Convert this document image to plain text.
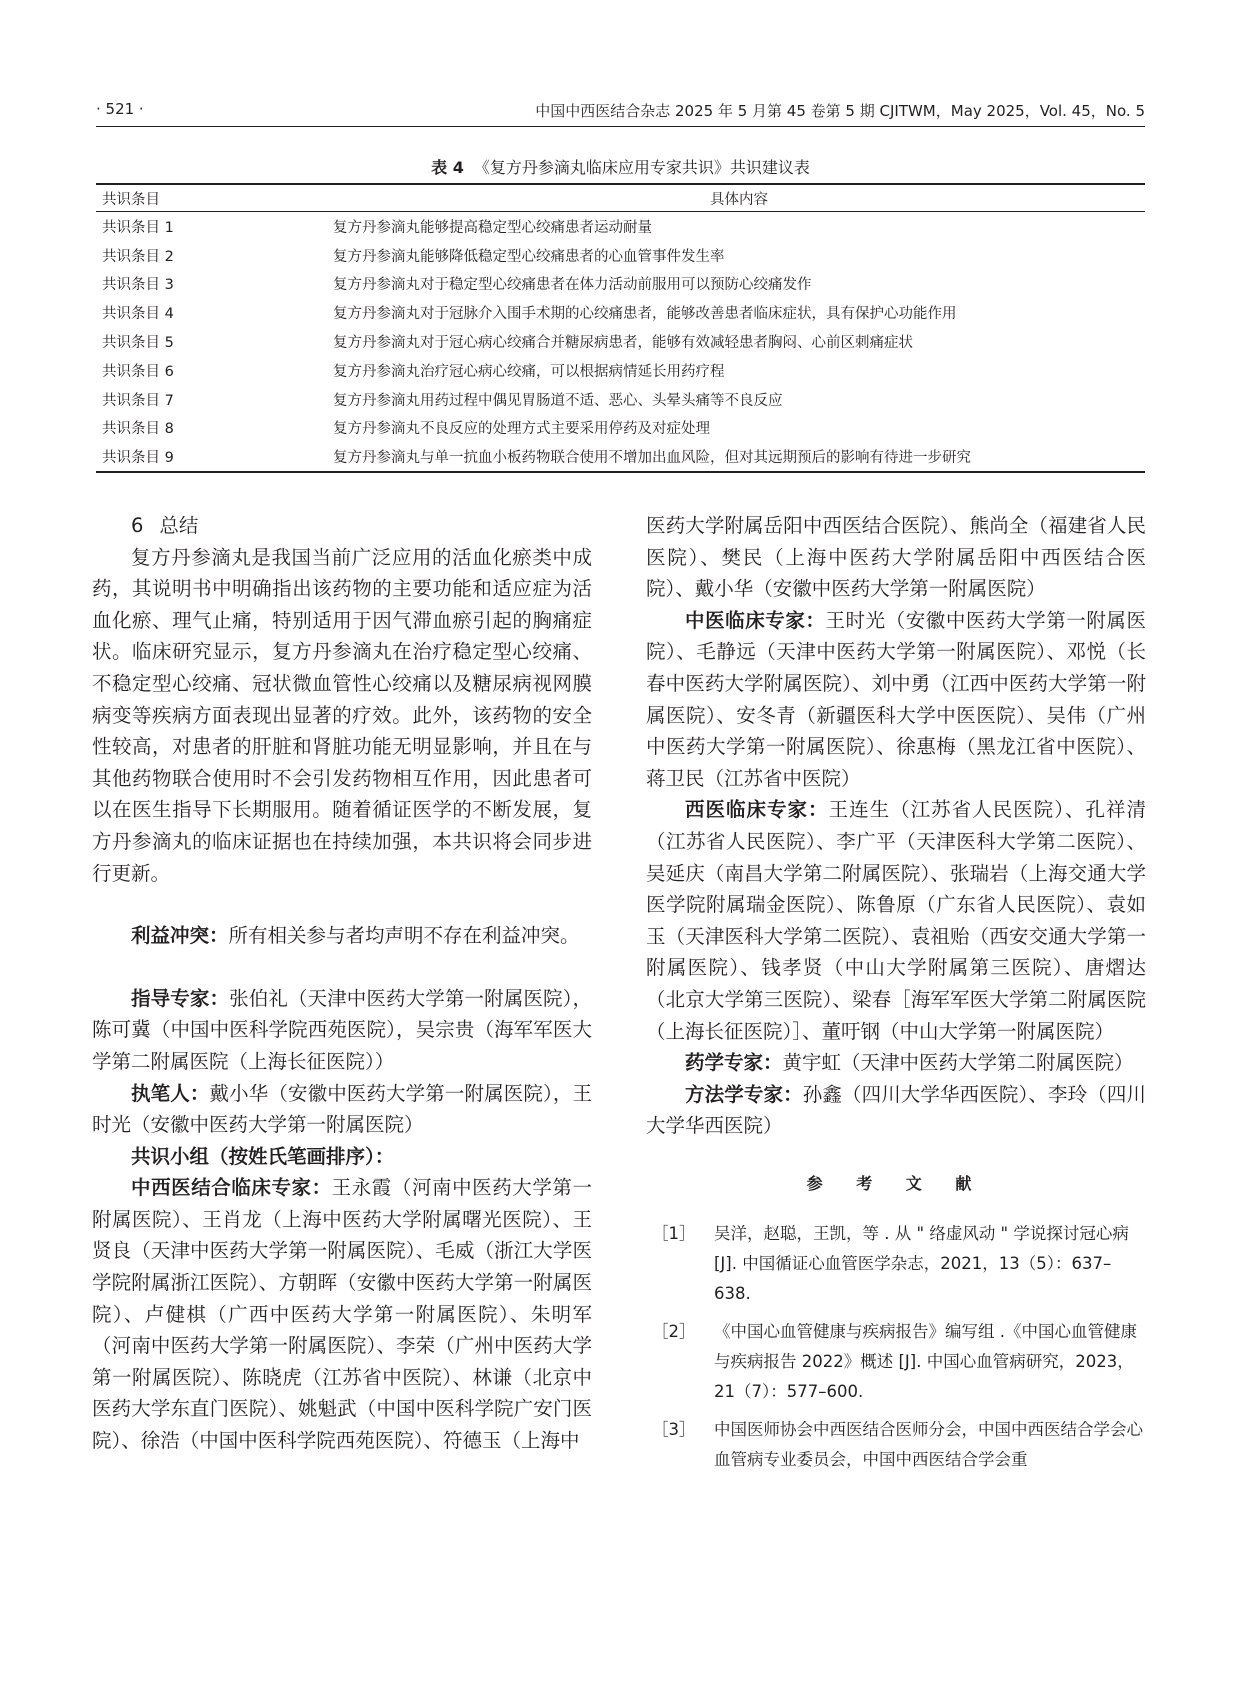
· 521 ·	中国中西医结合杂志 2025 年 5 月第 45 卷第 5 期 CJITWM，May 2025，Vol. 45，No. 5
表 4 《复方丹参滴丸临床应用专家共识》共识建议表
共识条目	具体内容
共识条目 1	复方丹参滴丸能够提高稳定型心绞痛患者运动耐量
共识条目 2	复方丹参滴丸能够降低稳定型心绞痛患者的心血管事件发生率
共识条目 3	复方丹参滴丸对于稳定型心绞痛患者在体力活动前服用可以预防心绞痛发作
共识条目 4	复方丹参滴丸对于冠脉介入围手术期的心绞痛患者，能够改善患者临床症状，具有保护心功能作用
共识条目 5	复方丹参滴丸对于冠心病心绞痛合并糖尿病患者，能够有效减轻患者胸闷、心前区刺痛症状
共识条目 6	复方丹参滴丸治疗冠心病心绞痛，可以根据病情延长用药疗程
共识条目 7	复方丹参滴丸用药过程中偶见胃肠道不适、恶心、头晕头痛等不良反应
共识条目 8	复方丹参滴丸不良反应的处理方式主要采用停药及对症处理
共识条目 9	复方丹参滴丸与单一抗血小板药物联合使用不增加出血风险，但对其远期预后的影响有待进一步研究

6 总结

复方丹参滴丸是我国当前广泛应用的活血化瘀类中成药，其说明书中明确指出该药物的主要功能和适应症为活血化瘀、理气止痛，特别适用于因气滞血瘀引起的胸痛症状。临床研究显示，复方丹参滴丸在治疗稳定型心绞痛、不稳定型心绞痛、冠状微血管性心绞痛以及糖尿病视网膜病变等疾病方面表现出显著的疗效。此外，该药物的安全性较高，对患者的肝脏和肾脏功能无明显影响，并且在与其他药物联合使用时不会引发药物相互作用，因此患者可以在医生指导下长期服用。随着循证医学的不断发展，复方丹参滴丸的临床证据也在持续加强，本共识将会同步进行更新。

利益冲突：所有相关参与者均声明不存在利益冲突。

指导专家：张伯礼（天津中医药大学第一附属医院），陈可冀（中国中医科学院西苑医院），吴宗贵（海军军医大学第二附属医院（上海长征医院））

执笔人：戴小华（安徽中医药大学第一附属医院），王时光（安徽中医药大学第一附属医院）

共识小组（按姓氏笔画排序）：

中西医结合临床专家：王永霞（河南中医药大学第一附属医院）、王肖龙（上海中医药大学附属曙光医院）、王贤良（天津中医药大学第一附属医院）、毛威（浙江大学医学院附属浙江医院）、方朝晖（安徽中医药大学第一附属医院）、卢健棋（广西中医药大学第一附属医院）、朱明军（河南中医药大学第一附属医院）、李荣（广州中医药大学第一附属医院）、陈晓虎（江苏省中医院）、林谦（北京中医药大学东直门医院）、姚魁武（中国中医科学院广安门医院）、徐浩（中国中医科学院西苑医院）、符德玉（上海中

医药大学附属岳阳中西医结合医院）、熊尚全（福建省人民医院）、樊民（上海中医药大学附属岳阳中西医结合医院）、戴小华（安徽中医药大学第一附属医院）

中医临床专家：王时光（安徽中医药大学第一附属医院）、毛静远（天津中医药大学第一附属医院）、邓悦（长春中医药大学附属医院）、刘中勇（江西中医药大学第一附属医院）、安冬青（新疆医科大学中医医院）、吴伟（广州中医药大学第一附属医院）、徐惠梅（黑龙江省中医院）、蒋卫民（江苏省中医院）

西医临床专家：王连生（江苏省人民医院）、孔祥清（江苏省人民医院）、李广平（天津医科大学第二医院）、吴延庆（南昌大学第二附属医院）、张瑞岩（上海交通大学医学院附属瑞金医院）、陈鲁原（广东省人民医院）、袁如玉（天津医科大学第二医院）、袁祖贻（西安交通大学第一附属医院）、钱孝贤（中山大学附属第三医院）、唐熠达（北京大学第三医院）、梁春［海军军医大学第二附属医院（上海长征医院）］、董吁钢（中山大学第一附属医院）

药学专家：黄宇虹（天津中医药大学第二附属医院）

方法学专家：孙鑫（四川大学华西医院）、李玲（四川大学华西医院）

参 考 文 献
［1］ 吴洋，赵聪，王凯，等 . 从 " 络虚风动 " 学说探讨冠心病 [J]. 中国循证心血管医学杂志，2021，13（5）：637–638.
［2］ 《中国心血管健康与疾病报告》编写组 .《中国心血管健康与疾病报告 2022》概述 [J]. 中国心血管病研究，2023，21（7）：577–600.
［3］ 中国医师协会中西医结合医师分会，中国中西医结合学会心血管病专业委员会，中国中西医结合学会重
